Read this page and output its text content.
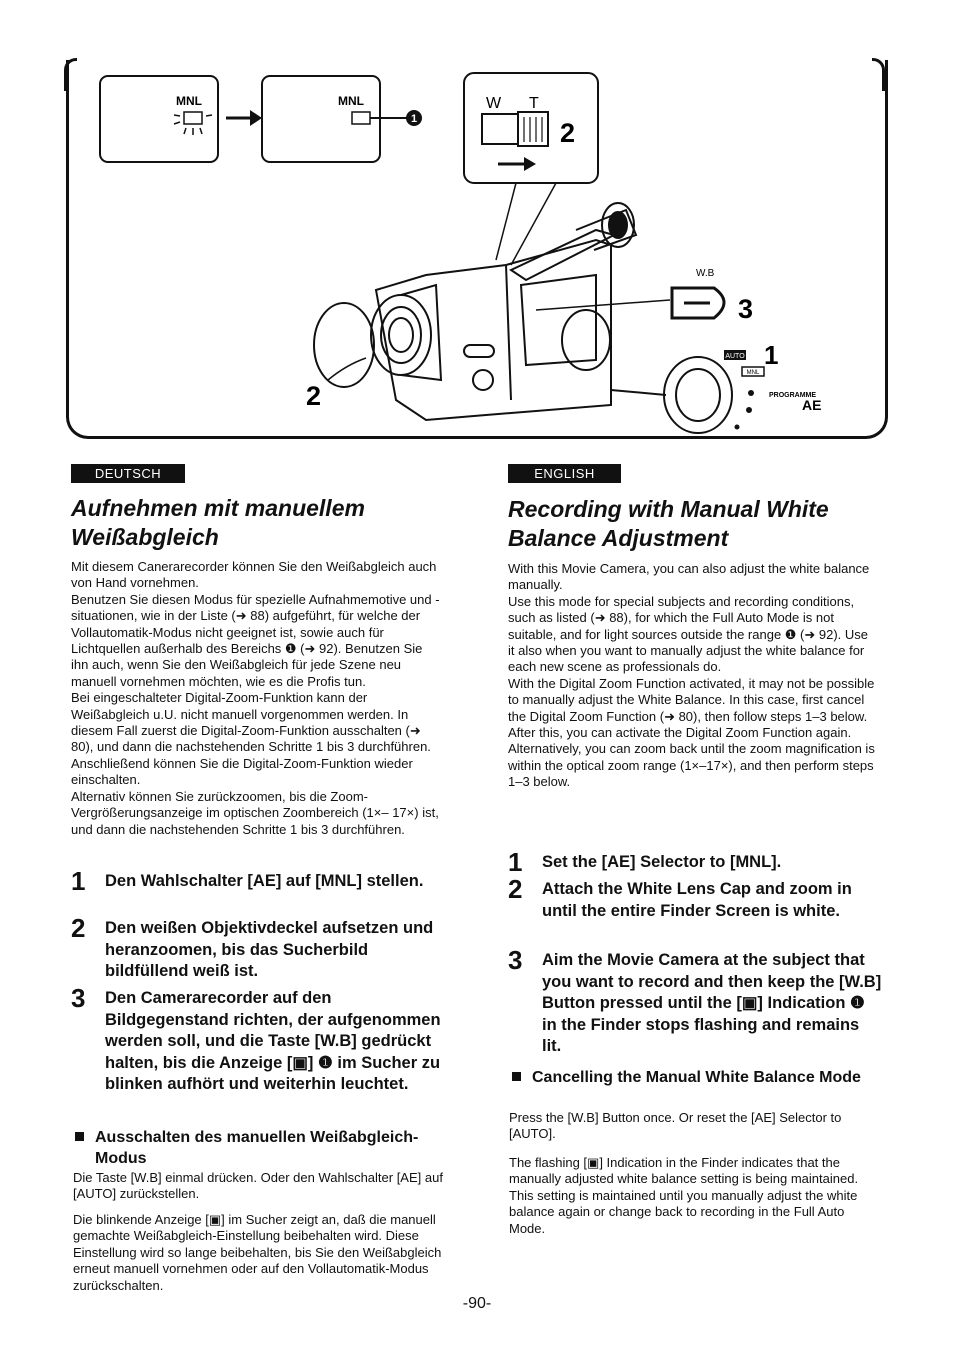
1
MNL	MNL	W T
2
2
W.B
3
AUTO 1
MNL
PROGRAMME
AE
DEUTSCH
Aufnehmen mit manuellem
Weißabgleich

Mit diesem Canerarecorder können Sie den Weißabgleich auch von Hand vornehmen.

Benutzen Sie diesen Modus für spezielle Aufnahmemotive und -situationen, wie in der Liste (➜ 88) aufgeführt, für welche der Vollautomatik-Modus nicht geeignet ist, sowie auch für Lichtquellen außerhalb des Bereichs ❶ (➜ 92). Benutzen Sie ihn auch, wenn Sie den Weißabgleich für jede Szene neu manuell vornehmen möchten, wie es die Profis tun.

Bei eingeschalteter Digital-Zoom-Funktion kann der Weißabgleich u.U. nicht manuell vorgenommen werden. In diesem Fall zuerst die Digital-Zoom-Funktion ausschalten (➜ 80), und dann die nachstehenden Schritte 1 bis 3 durchführen. Anschließend können Sie die Digital-Zoom-Funktion wieder einschalten.

Alternativ können Sie zurückzoomen, bis die Zoom-Vergrößerungsanzeige im optischen Zoombereich (1×– 17×) ist, und dann die nachstehenden Schritte 1 bis 3 durchführen.

1 Den Wahlschalter [AE] auf [MNL] stellen.
2 Den weißen Objektivdeckel aufsetzen und heranzoomen, bis das Sucherbild bildfüllend weiß ist.
3 Den Camerarecorder auf den Bildgegenstand richten, der aufgenommen werden soll, und die Taste [W.B] gedrückt halten, bis die Anzeige [▣] ❶ im Sucher zu blinken aufhört und weiterhin leuchtet.
Ausschalten des manuellen Weißabgleich-Modus
Die Taste [W.B] einmal drücken. Oder den Wahlschalter [AE] auf [AUTO] zurückstellen.
Die blinkende Anzeige [▣] im Sucher zeigt an, daß die manuell gemachte Weißabgleich-Einstellung beibehalten wird. Diese Einstellung wird so lange beibehalten, bis Sie den Weißabgleich erneut manuell vornehmen oder auf den Vollautomatik-Modus zurückschalten.
ENGLISH
Recording with Manual White
Balance Adjustment

With this Movie Camera, you can also adjust the white balance manually.

Use this mode for special subjects and recording conditions, such as listed (➜ 88), for which the Full Auto Mode is not suitable, and for light sources outside the range ❶ (➜ 92). Use it also when you want to manually adjust the white balance for each new scene as professionals do.

With the Digital Zoom Function activated, it may not be possible to manually adjust the White Balance. In this case, first cancel the Digital Zoom Function (➜ 80), then follow steps 1–3 below. After this, you can activate the Digital Zoom Function again.

Alternatively, you can zoom back until the zoom magnification is within the optical zoom range (1×–17×), and then perform steps 1–3 below.

1 Set the [AE] Selector to [MNL].
2 Attach the White Lens Cap and zoom in until the entire Finder Screen is white.
3 Aim the Movie Camera at the subject that you want to record and then keep the [W.B] Button pressed until the [▣] Indication ❶ in the Finder stops flashing and remains lit.
Cancelling the Manual White Balance Mode
Press the [W.B] Button once. Or reset the [AE] Selector to [AUTO].
The flashing [▣] Indication in the Finder indicates that the manually adjusted white balance setting is being maintained. This setting is maintained until you manually adjust the white balance again or change back to recording in the Full Auto Mode.
-90-
